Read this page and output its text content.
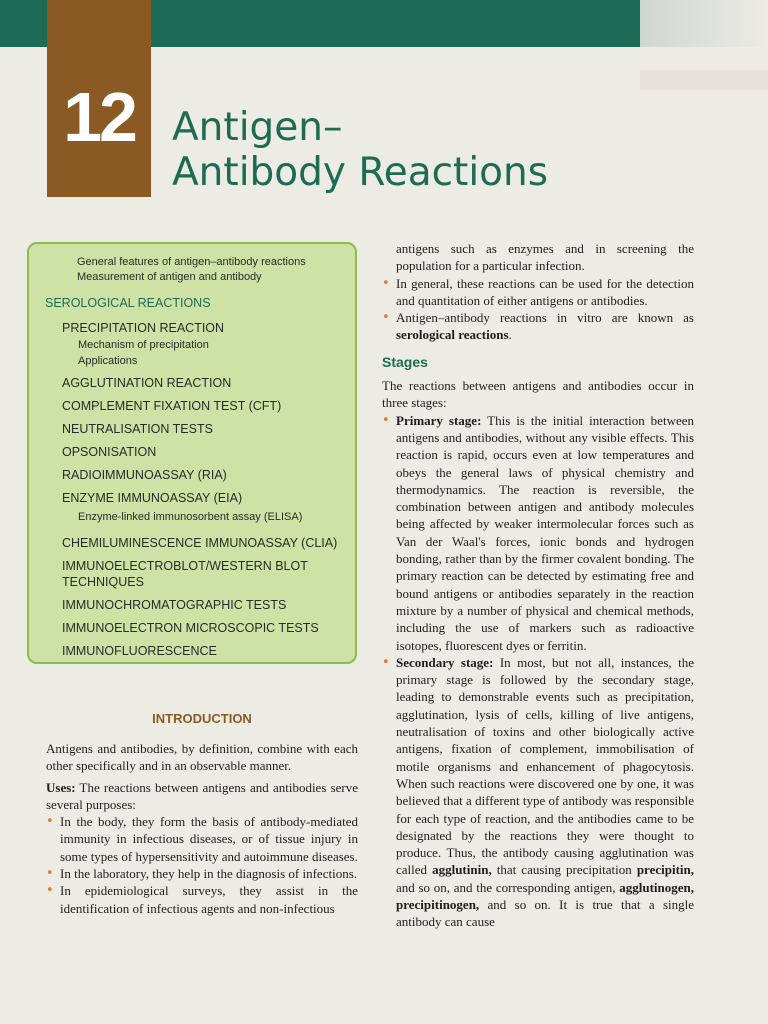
12 Antigen–
Antibody Reactions
General features of antigen–antibody reactions
Measurement of antigen and antibody
SEROLOGICAL REACTIONS
PRECIPITATION REACTION
Mechanism of precipitation
Applications
AGGLUTINATION REACTION
COMPLEMENT FIXATION TEST (CFT)
NEUTRALISATION TESTS
OPSONISATION
RADIOIMMUNOASSAY (RIA)
ENZYME IMMUNOASSAY (EIA)
Enzyme-linked immunosorbent assay (ELISA)
CHEMILUMINESCENCE IMMUNOASSAY (CLIA)
IMMUNOELECTROBLOT/WESTERN BLOT
TECHNIQUES
IMMUNOCHROMATOGRAPHIC TESTS
IMMUNOELECTRON MICROSCOPIC TESTS
IMMUNOFLUORESCENCE
INTRODUCTION

Antigens and antibodies, by definition, combine with each other specifically and in an observable manner.

Uses: The reactions between antigens and antibodies serve several purposes:

• In the body, they form the basis of antibody-mediated immunity in infectious diseases, or of tissue injury in some types of hypersensitivity and autoimmune diseases.
• In the laboratory, they help in the diagnosis of infections.
• In epidemiological surveys, they assist in the identification of infectious agents and non-infectious

antigens such as enzymes and in screening the population for a particular infection.

• In general, these reactions can be used for the detection and quantitation of either antigens or antibodies.
• Antigen–antibody reactions in vitro are known as serological reactions.
Stages

The reactions between antigens and antibodies occur in three stages:

• Primary stage: This is the initial interaction between antigens and antibodies, without any visible effects. This reaction is rapid, occurs even at low temperatures and obeys the general laws of physical chemistry and thermodynamics. The reaction is reversible, the combination between antigen and antibody molecules being affected by weaker intermolecular forces such as Van der Waal's forces, ionic bonds and hydrogen bonding, rather than by the firmer covalent bonding. The primary reaction can be detected by estimating free and bound antigens or antibodies separately in the reaction mixture by a number of physical and chemical methods, including the use of markers such as radioactive isotopes, fluorescent dyes or ferritin.
• Secondary stage: In most, but not all, instances, the primary stage is followed by the secondary stage, leading to demonstrable events such as precipitation, agglutination, lysis of cells, killing of live antigens, neutralisation of toxins and other biologically active antigens, fixation of complement, immobilisation of motile organisms and enhancement of phagocytosis. When such reactions were discovered one by one, it was believed that a different type of antibody was responsible for each type of reaction, and the antibodies came to be designated by the reactions they were thought to produce. Thus, the antibody causing agglutination was called agglutinin, that causing precipitation precipitin, and so on, and the corresponding antigen, agglutinogen, precipitinogen, and so on. It is true that a single antibody can cause
